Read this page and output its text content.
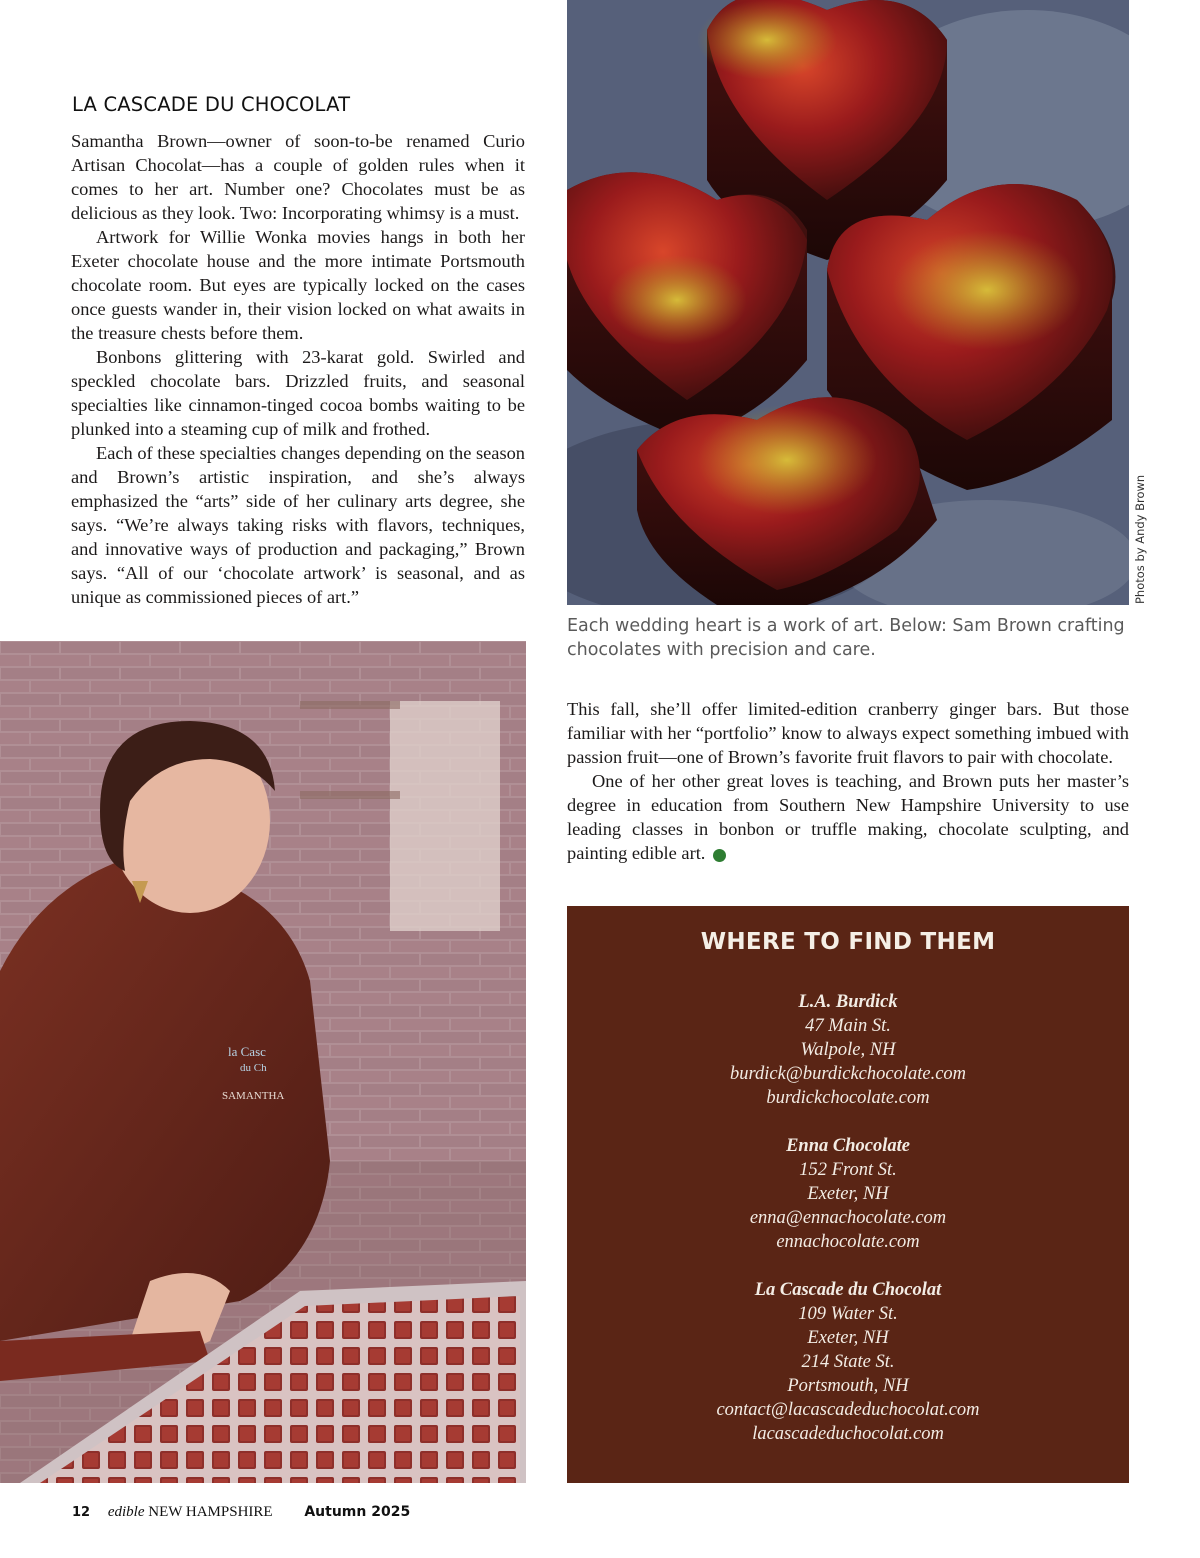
LA CASCADE DU CHOCOLAT

Samantha Brown—owner of soon-to-be renamed Curio Artisan Chocolat—has a couple of golden rules when it comes to her art. Number one? Chocolates must be as delicious as they look. Two: Incorporating whimsy is a must.

Artwork for Willie Wonka movies hangs in both her Exeter chocolate house and the more intimate Portsmouth chocolate room. But eyes are typically locked on the cases once guests wander in, their vision locked on what awaits in the treasure chests before them.

Bonbons glittering with 23-karat gold. Swirled and speckled chocolate bars. Drizzled fruits, and seasonal specialties like cinnamon-tinged cocoa bombs waiting to be plunked into a steaming cup of milk and frothed.

Each of these specialties changes depending on the season and Brown’s artistic inspiration, and she’s always emphasized the “arts” side of her culinary arts degree, she says. “We’re always taking risks with flavors, techniques, and innovative ways of production and packaging,” Brown says. “All of our ‘chocolate artwork’ is seasonal, and as unique as commissioned pieces of art.”	Photos by Andy Brown

Each wedding heart is a work of art. Below: Sam Brown crafting chocolates with precision and care.

la Casc
du Ch
SAMANTHA

This fall, she’ll offer limited-edition cranberry ginger bars. But those familiar with her “portfolio” know to always expect something imbued with passion fruit—one of Brown’s favorite fruit flavors to pair with chocolate.

One of her other great loves is teaching, and Brown puts her master’s degree in education from Southern New Hampshire University to use leading classes in bonbon or truffle making, chocolate sculpting, and painting edible art.	e

WHERE TO FIND THEM
L.A. Burdick
47 Main St.
Walpole, NH
burdick@burdickchocolate.com
burdickchocolate.com
Enna Chocolate
152 Front St.
Exeter, NH
enna@ennachocolate.com
ennachocolate.com
La Cascade du Chocolat
109 Water St.
Exeter, NH
214 State St.
Portsmouth, NH
contact@lacascadeduchocolat.com
lacascadeduchocolat.com
12 edible NEW HAMPSHIRE Autumn 2025
